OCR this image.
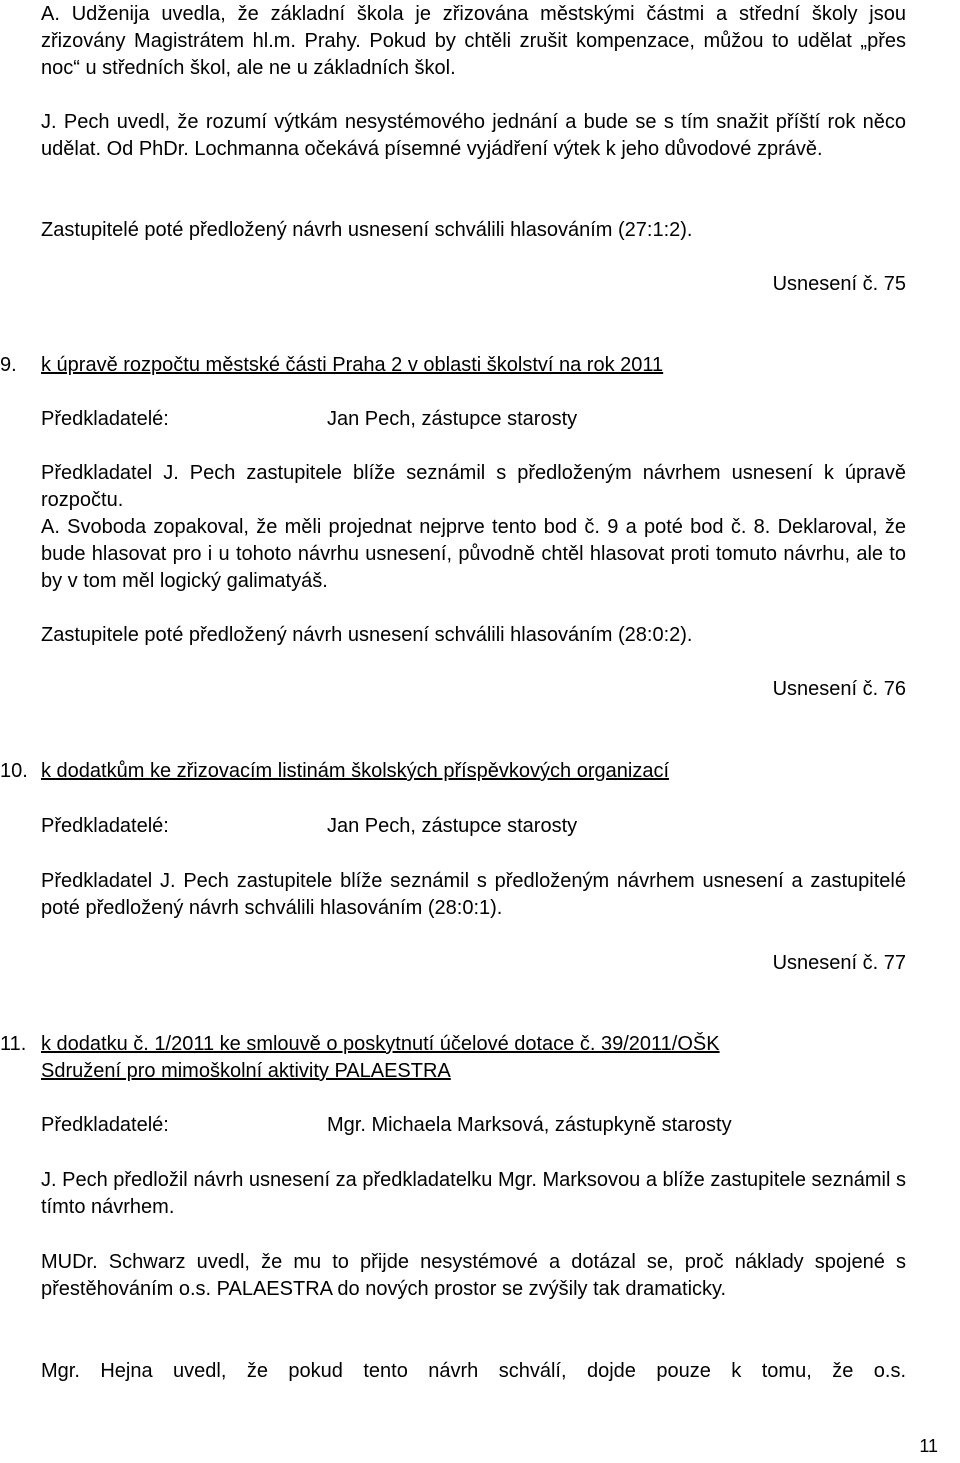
A. Udženija uvedla, že základní škola je zřizována městskými částmi a střední školy jsou zřizovány Magistrátem hl.m. Prahy. Pokud by chtěli zrušit kompenzace, můžou to udělat „přes noc“ u středních škol, ale ne u základních škol.

J. Pech uvedl, že rozumí výtkám nesystémového jednání a bude se s tím snažit příští rok něco udělat. Od PhDr. Lochmanna očekává písemné vyjádření výtek k jeho důvodové zprávě.

Zastupitelé poté předložený návrh usnesení schválili hlasováním (27:1:2).

Usnesení č. 75
9.	k úpravě rozpočtu městské části Praha 2 v oblasti školství na rok 2011
Předkladatelé:	Jan Pech, zástupce starosty

Předkladatel J. Pech zastupitele blíže seznámil s předloženým návrhem usnesení k úpravě rozpočtu.

A. Svoboda zopakoval, že měli projednat nejprve tento bod č. 9 a poté bod č. 8. Deklaroval, že bude hlasovat pro i u tohoto návrhu usnesení, původně chtěl hlasovat proti tomuto návrhu, ale to by v tom měl logický galimatyáš.

Zastupitele poté předložený návrh usnesení schválili hlasováním (28:0:2).

Usnesení č. 76
10. k dodatkům ke zřizovacím listinám školských příspěvkových organizací
Předkladatelé:	Jan Pech, zástupce starosty

Předkladatel J. Pech zastupitele blíže seznámil s předloženým návrhem usnesení a zastupitelé poté předložený návrh schválili hlasováním (28:0:1).

Usnesení č. 77
11. k dodatku č. 1/2011 ke smlouvě o poskytnutí účelové dotace č. 39/2011/OŠK
Sdružení pro mimoškolní aktivity PALAESTRA
Předkladatelé:	Mgr. Michaela Marksová, zástupkyně starosty

J. Pech předložil návrh usnesení za předkladatelku Mgr. Marksovou a blíže zastupitele seznámil s tímto návrhem.

MUDr. Schwarz uvedl, že mu to přijde nesystémové a dotázal se, proč náklady spojené s přestěhováním o.s. PALAESTRA do nových prostor se zvýšily tak dramaticky.

Mgr. Hejna uvedl, že pokud tento návrh schválí, dojde pouze k tomu, že o.s.

11
